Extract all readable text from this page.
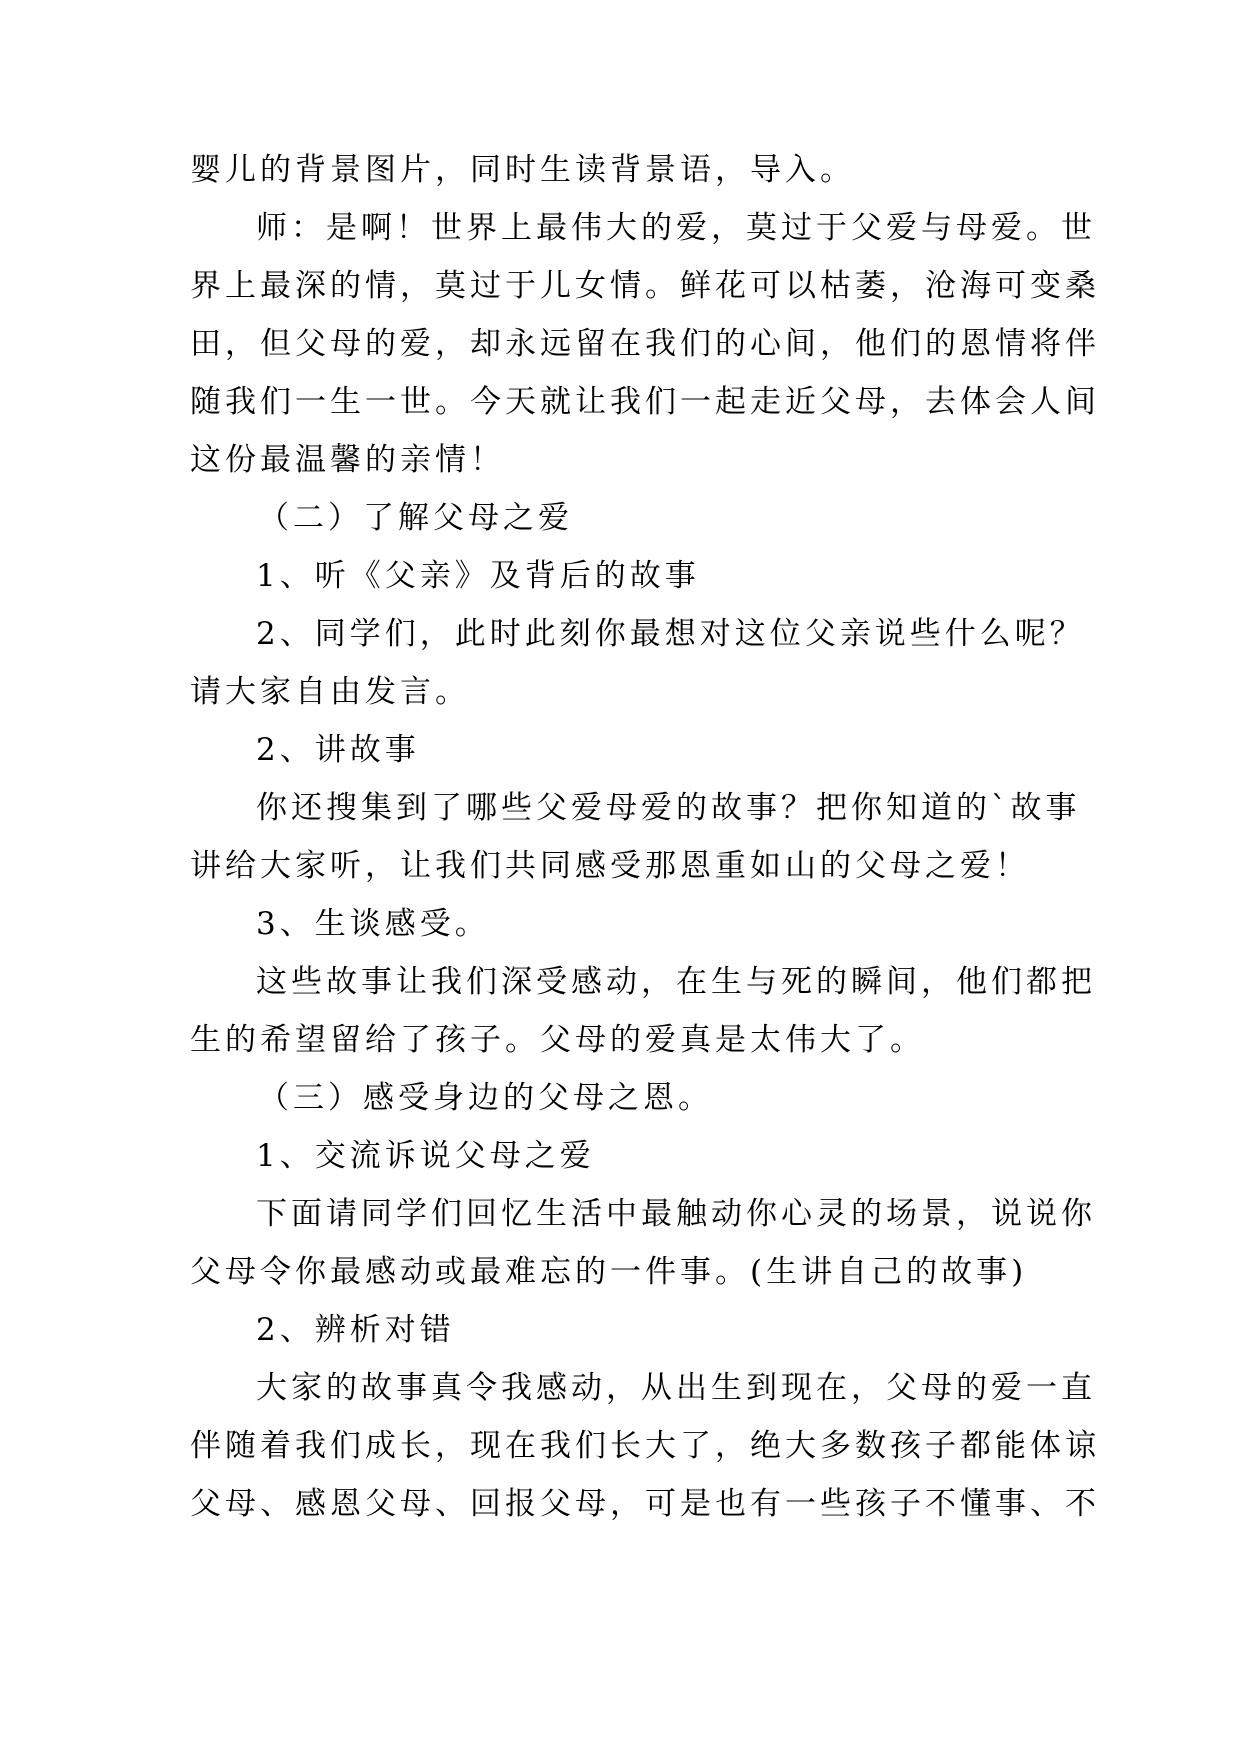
婴儿的背景图片，同时生读背景语，导入。
师：是啊！世界上最伟大的爱，莫过于父爱与母爱。世
界上最深的情，莫过于儿女情。鲜花可以枯萎，沧海可变桑
田，但父母的爱，却永远留在我们的心间，他们的恩情将伴
随我们一生一世。今天就让我们一起走近父母，去体会人间
这份最温馨的亲情！
（二）了解父母之爱
1、听《父亲》及背后的故事
2、同学们，此时此刻你最想对这位父亲说些什么呢？
请大家自由发言。
2、讲故事
你还搜集到了哪些父爱母爱的故事？把你知道的`故事
讲给大家听，让我们共同感受那恩重如山的父母之爱！
3、生谈感受。
这些故事让我们深受感动，在生与死的瞬间，他们都把
生的希望留给了孩子。父母的爱真是太伟大了。
（三）感受身边的父母之恩。
1、交流诉说父母之爱
下面请同学们回忆生活中最触动你心灵的场景，说说你
父母令你最感动或最难忘的一件事。(生讲自己的故事)
2、辨析对错
大家的故事真令我感动，从出生到现在，父母的爱一直
伴随着我们成长，现在我们长大了，绝大多数孩子都能体谅
父母、感恩父母、回报父母，可是也有一些孩子不懂事、不
